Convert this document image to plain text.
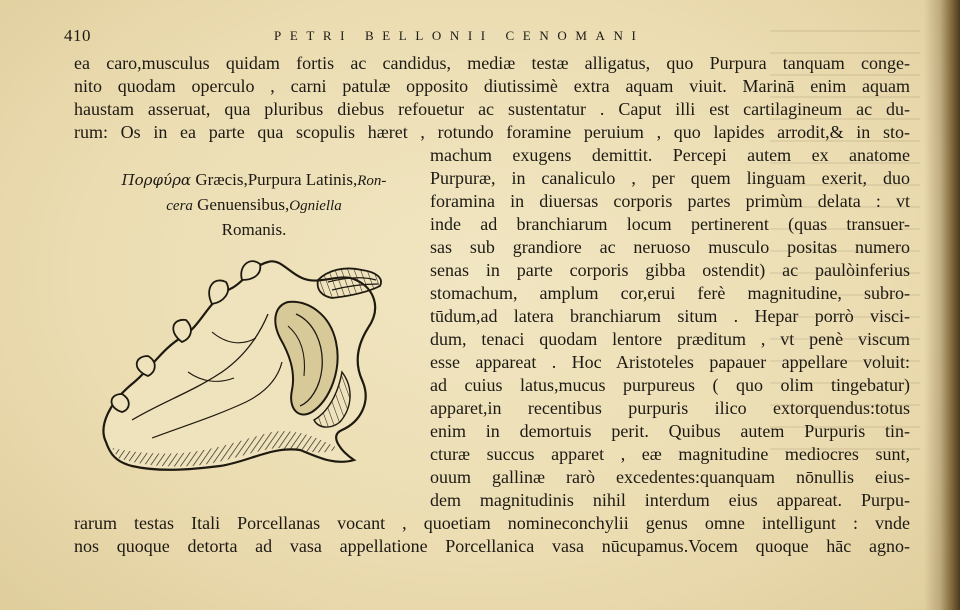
410	PETRI BELLONII CENOMANI
ea caro,musculus quidam fortis ac candidus, mediæ testæ alligatus, quo Purpura tanquam conge-
nito quodam operculo , carni patulæ opposito diutissimè extra aquam viuit. Marinā enim aquam
haustam asseruat, qua pluribus diebus refouetur ac sustentatur . Caput illi est cartilagineum ac du-
rum: Os in ea parte qua scopulis hæret , rotundo foramine peruium , quo lapides arrodit,& in sto-
machum exugens demittit. Percepi autem ex anatome
Purpuræ, in canaliculo , per quem linguam exerit, duo
foramina in diuersas corporis partes primùm delata : vt
inde ad branchiarum locum pertinerent (quas transuer-
sas sub grandiore ac neruoso musculo positas numero
senas in parte corporis gibba ostendit) ac paulòinferius
stomachum, amplum cor,erui ferè magnitudine, subro-
tūdum,ad latera branchiarum situm . Hepar porrò visci-
dum, tenaci quodam lentore præditum , vt penè viscum
esse appareat . Hoc Aristoteles papauer appellare voluit:
ad cuius latus,mucus purpureus ( quo olim tingebatur)
apparet,in recentibus purpuris ilico extorquendus:totus
enim in demortuis perit. Quibus autem Purpuris tin-
cturæ succus apparet , eæ magnitudine mediocres sunt,
ouum gallinæ rarò excedentes:quanquam nōnullis eius-
dem magnitudinis nihil interdum eius appareat. Purpu-
rarum testas Itali Porcellanas vocant , quoetiam nomineconchylii genus omne intelligunt : vnde
nos quoque detorta ad vasa appellatione Porcellanica vasa nūcupamus.Vocem quoque hāc agno-
Πορφύρα Græcis,Purpura Latinis,Ron-
cera Genuensibus,Ogniella
Romanis.
